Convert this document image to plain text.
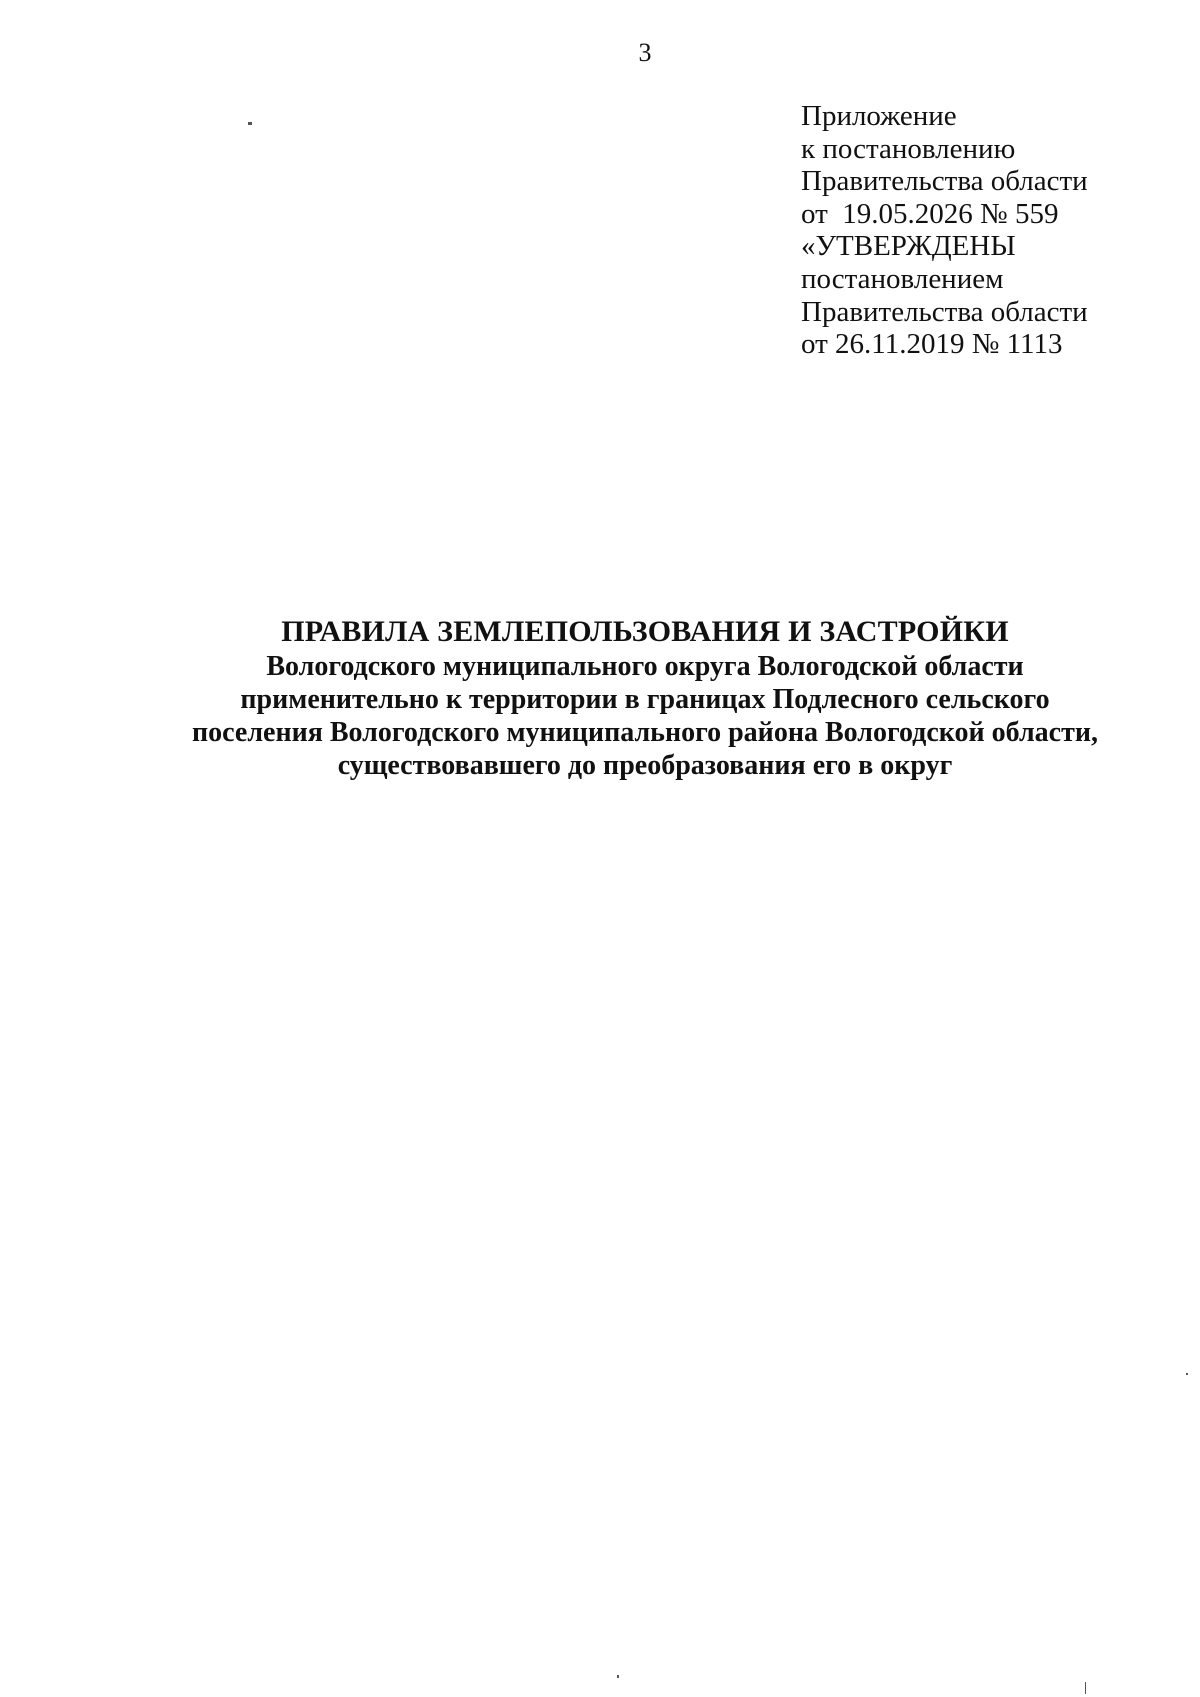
3
Приложение
к постановлению
Правительства области
от  19.05.2026 № 559
«УТВЕРЖДЕНЫ
постановлением
Правительства области
от 26.11.2019 № 1113
ПРАВИЛА ЗЕМЛЕПОЛЬЗОВАНИЯ И ЗАСТРОЙКИ
Вологодского муниципального округа Вологодской области
применительно к территории в границах Подлесного сельского
поселения Вологодского муниципального района Вологодской области,
существовавшего до преобразования его в округ
